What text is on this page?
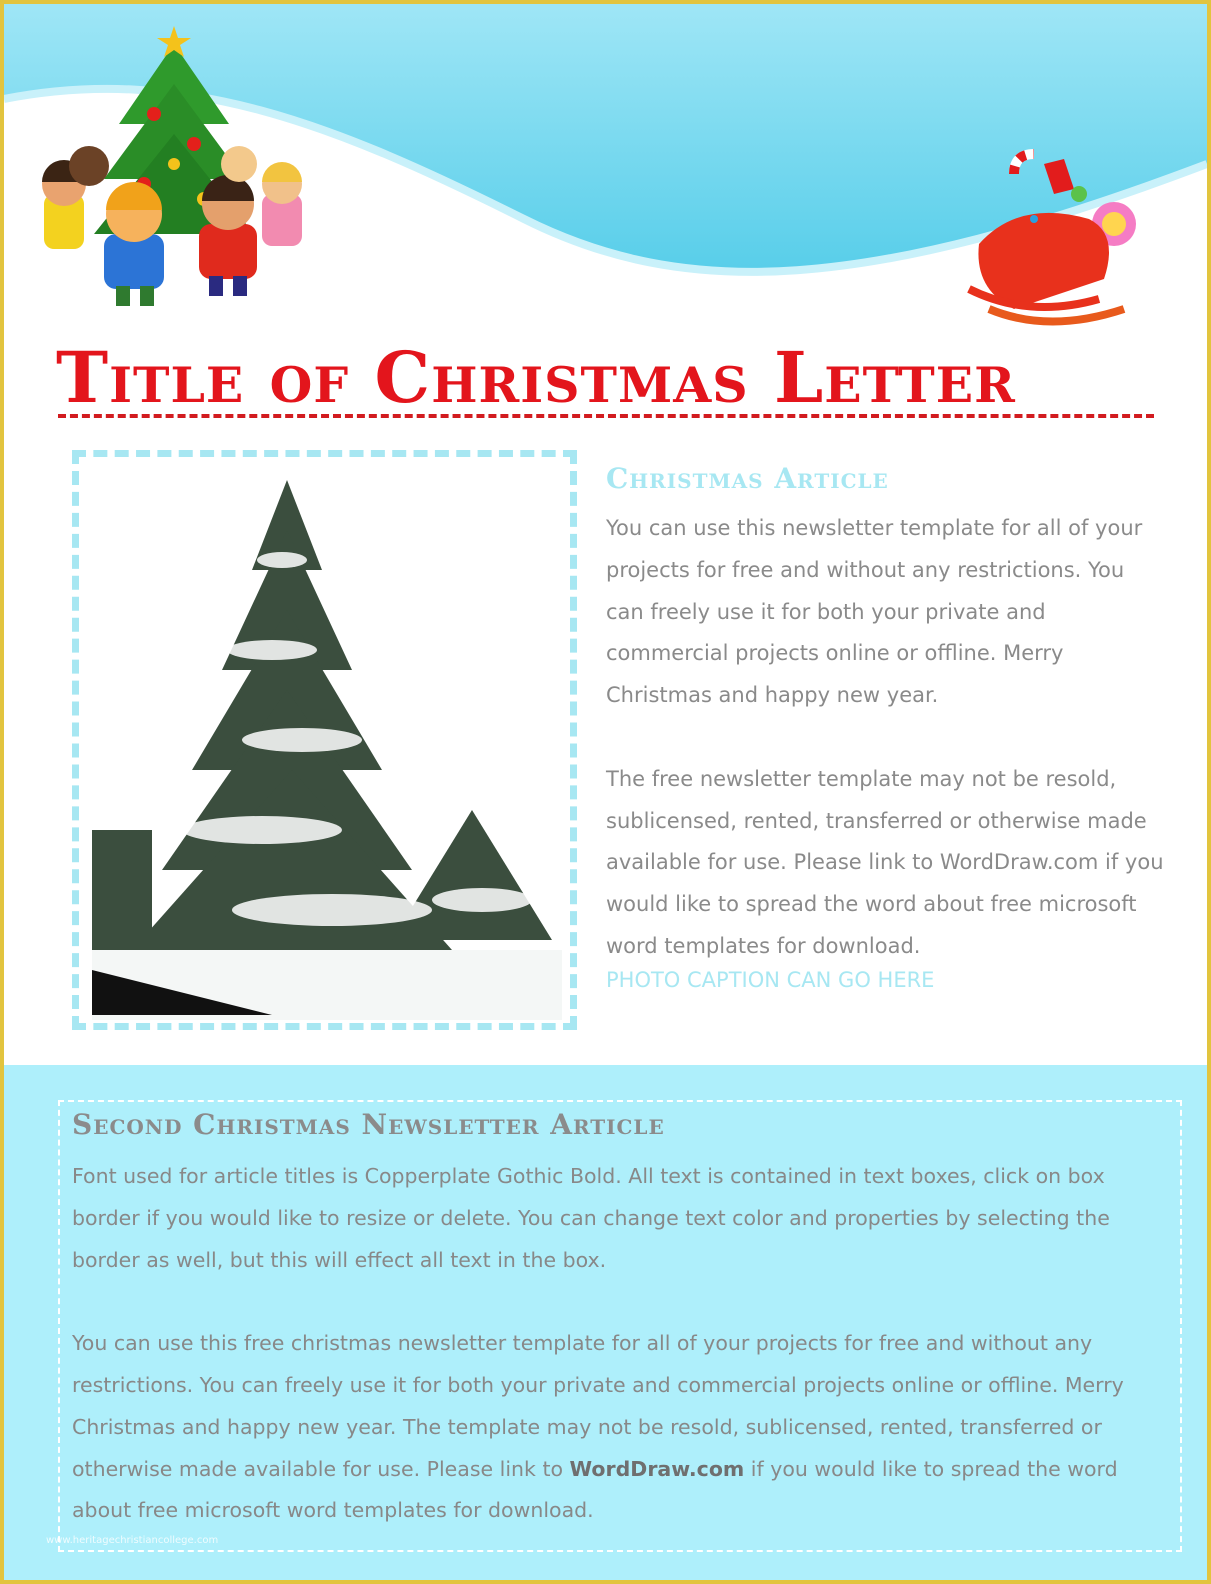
Title of Christmas Letter
Christmas Article

You can use this newsletter template for all of your projects for free and without any restrictions. You can freely use it for both your private and commercial projects online or offline. Merry Christmas and happy new year.

The free newsletter template may not be resold, sublicensed, rented, transferred or otherwise made available for use. Please link to WordDraw.com if you would like to spread the word about free microsoft word templates for download.

PHOTO CAPTION CAN GO HERE
Second Christmas Newsletter Article

Font used for article titles is Copperplate Gothic Bold. All text is contained in text boxes, click on box border if you would like to resize or delete. You can change text color and properties by selecting the border as well, but this will effect all text in the box.

You can use this free christmas newsletter template for all of your projects for free and without any restrictions. You can freely use it for both your private and commercial projects online or offline. Merry Christmas and happy new year. The template may not be resold, sublicensed, rented, transferred or otherwise made available for use. Please link to WordDraw.com if you would like to spread the word about free microsoft word templates for download.

www.heritagechristiancollege.com
